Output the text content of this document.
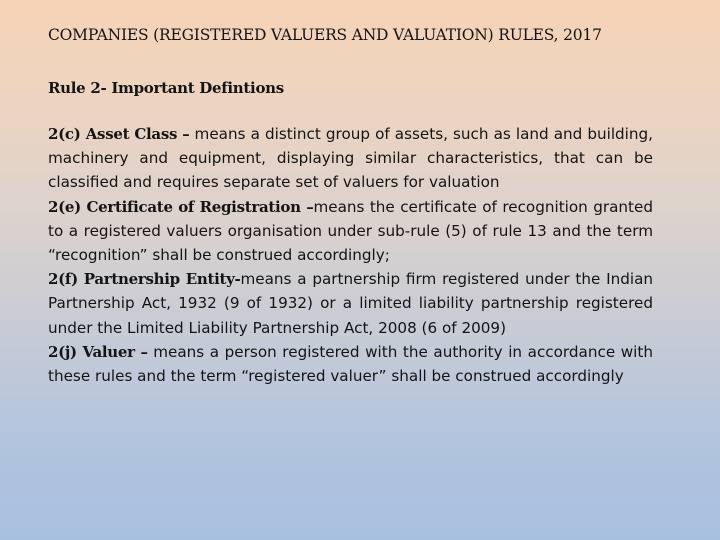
COMPANIES (REGISTERED VALUERS AND VALUATION) RULES, 2017
Rule 2- Important Defintions

2(c) Asset Class – means a distinct group of assets, such as land and building, machinery and equipment, displaying similar characteristics, that can be classified and requires separate set of valuers for valuation

2(e) Certificate of Registration –means the certificate of recognition granted to a registered valuers organisation under sub-rule (5) of rule 13 and the term “recognition” shall be construed accordingly;

2(f) Partnership Entity-means a partnership firm registered under the Indian Partnership Act, 1932 (9 of 1932) or a limited liability partnership registered under the Limited Liability Partnership Act, 2008 (6 of 2009)

2(j) Valuer – means a person registered with the authority in accordance with these rules and the term “registered valuer” shall be construed accordingly
